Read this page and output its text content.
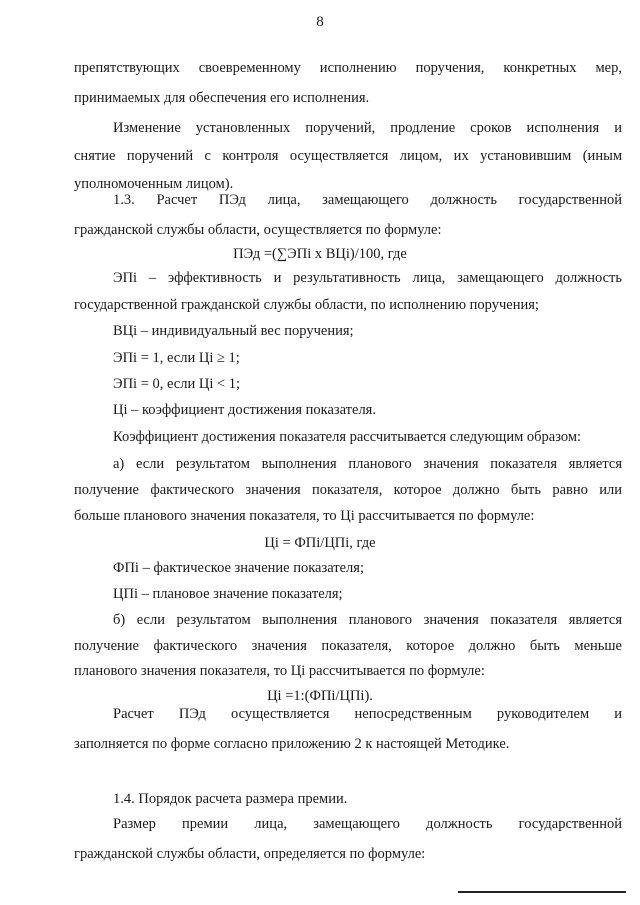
8
препятствующих своевременному исполнению поручения, конкретных мер,
принимаемых для обеспечения его исполнения.
Изменение установленных поручений, продление сроков исполнения и
снятие поручений с контроля осуществляется лицом, их установившим (иным
уполномоченным лицом).
1.3. Расчет ПЭд лица, замещающего должность государственной
гражданской службы области, осуществляется по формуле:
ПЭд =(∑ЭПi х ВЦi)/100, где
ЭПi – эффективность и результативность лица, замещающего должность
государственной гражданской службы области, по исполнению поручения;
ВЦi – индивидуальный вес поручения;
ЭПi = 1, если Цi ≥ 1;
ЭПi = 0, если Цi < 1;
Цi – коэффициент достижения показателя.
Коэффициент достижения показателя рассчитывается следующим образом:
а) если результатом выполнения планового значения показателя является
получение фактического значения показателя, которое должно быть равно или
больше планового значения показателя, то Цi рассчитывается по формуле:
Цi = ФПi/ЦПi, где
ФПi – фактическое значение показателя;
ЦПi – плановое значение показателя;
б) если результатом выполнения планового значения показателя является
получение фактического значения показателя, которое должно быть меньше
планового значения показателя, то Цi рассчитывается по формуле:
Цi =1:(ФПi/ЦПi).
Расчет ПЭд осуществляется непосредственным руководителем и
заполняется по форме согласно приложению 2 к настоящей Методике.
1.4. Порядок расчета размера премии.
Размер премии лица, замещающего должность государственной
гражданской службы области, определяется по формуле:
